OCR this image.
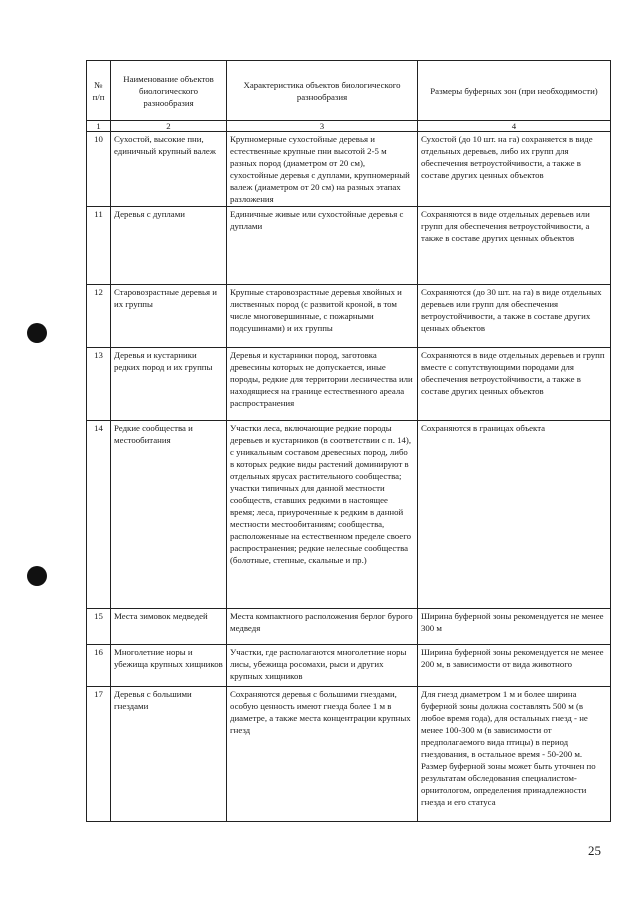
№ п/п	Наименование объектов биологического разнообразия	Характеристика объектов биологического разнообразия	Размеры буферных зон (при необходимости)
1	2	3	4
10	Сухостой, высокие пни, единичный крупный валеж	Крупномерные сухостойные деревья и естественные крупные пни высотой 2-5 м разных пород (диаметром от 20 см), сухостойные деревья с дуплами, крупномерный валеж (диаметром от 20 см) на разных этапах разложения	Сухостой (до 10 шт. на га) сохраняется в виде отдельных деревьев, либо их групп для обеспечения ветроустойчивости, а также в составе других ценных объектов
11	Деревья с дуплами	Единичные живые или сухостойные деревья с дуплами	Сохраняются в виде отдельных деревьев или групп для обеспечения ветроустойчивости, а также в составе других ценных объектов
12	Старовозрастные деревья и их группы	Крупные старовозрастные деревья хвойных и лиственных пород (с развитой кроной, в том числе многовершинные, с пожарными подсушинами) и их группы	Сохраняются (до 30 шт. на га) в виде отдельных деревьев или групп для обеспечения ветроустойчивости, а также в составе других ценных объектов
13	Деревья и кустарники редких пород и их группы	Деревья и кустарники пород, заготовка древесины которых не допускается, иные породы, редкие для территории лесничества или находящиеся на границе естественного ареала распространения	Сохраняются в виде отдельных деревьев и групп вместе с сопутствующими породами для обеспечения ветроустойчивости, а также в составе других ценных объектов
14	Редкие сообщества и местообитания	Участки леса, включающие редкие породы деревьев и кустарников (в соответствии с п. 14), с уникальным составом древесных пород, либо в которых редкие виды растений доминируют в отдельных ярусах растительного сообщества; участки типичных для данной местности сообществ, ставших редкими в настоящее время; леса, приуроченные к редким в данной местности местообитаниям; сообщества, расположенные на естественном пределе своего распространения; редкие нелесные сообщества (болотные, степные, скальные и пр.)	Сохраняются в границах объекта
15	Места зимовок медведей	Места компактного расположения берлог бурого медведя	Ширина буферной зоны рекомендуется не менее 300 м
16	Многолетние норы и убежища крупных хищников	Участки, где располагаются многолетние норы лисы, убежища росомахи, рыси и других крупных хищников	Ширина буферной зоны рекомендуется не менее 200 м, в зависимости от вида животного
17	Деревья с большими гнездами	Сохраняются деревья с большими гнездами, особую ценность имеют гнезда более 1 м в диаметре, а также места концентрации крупных гнезд	Для гнезд диаметром 1 м и более ширина буферной зоны должна составлять 500 м (в любое время года), для остальных гнезд - не менее 100-300 м (в зависимости от предполагаемого вида птицы) в период гнездования, в остальное время - 50-200 м. Размер буферной зоны может быть уточнен по результатам обследования специалистом- орнитологом, определения принадлежности гнезда и его статуса
25
